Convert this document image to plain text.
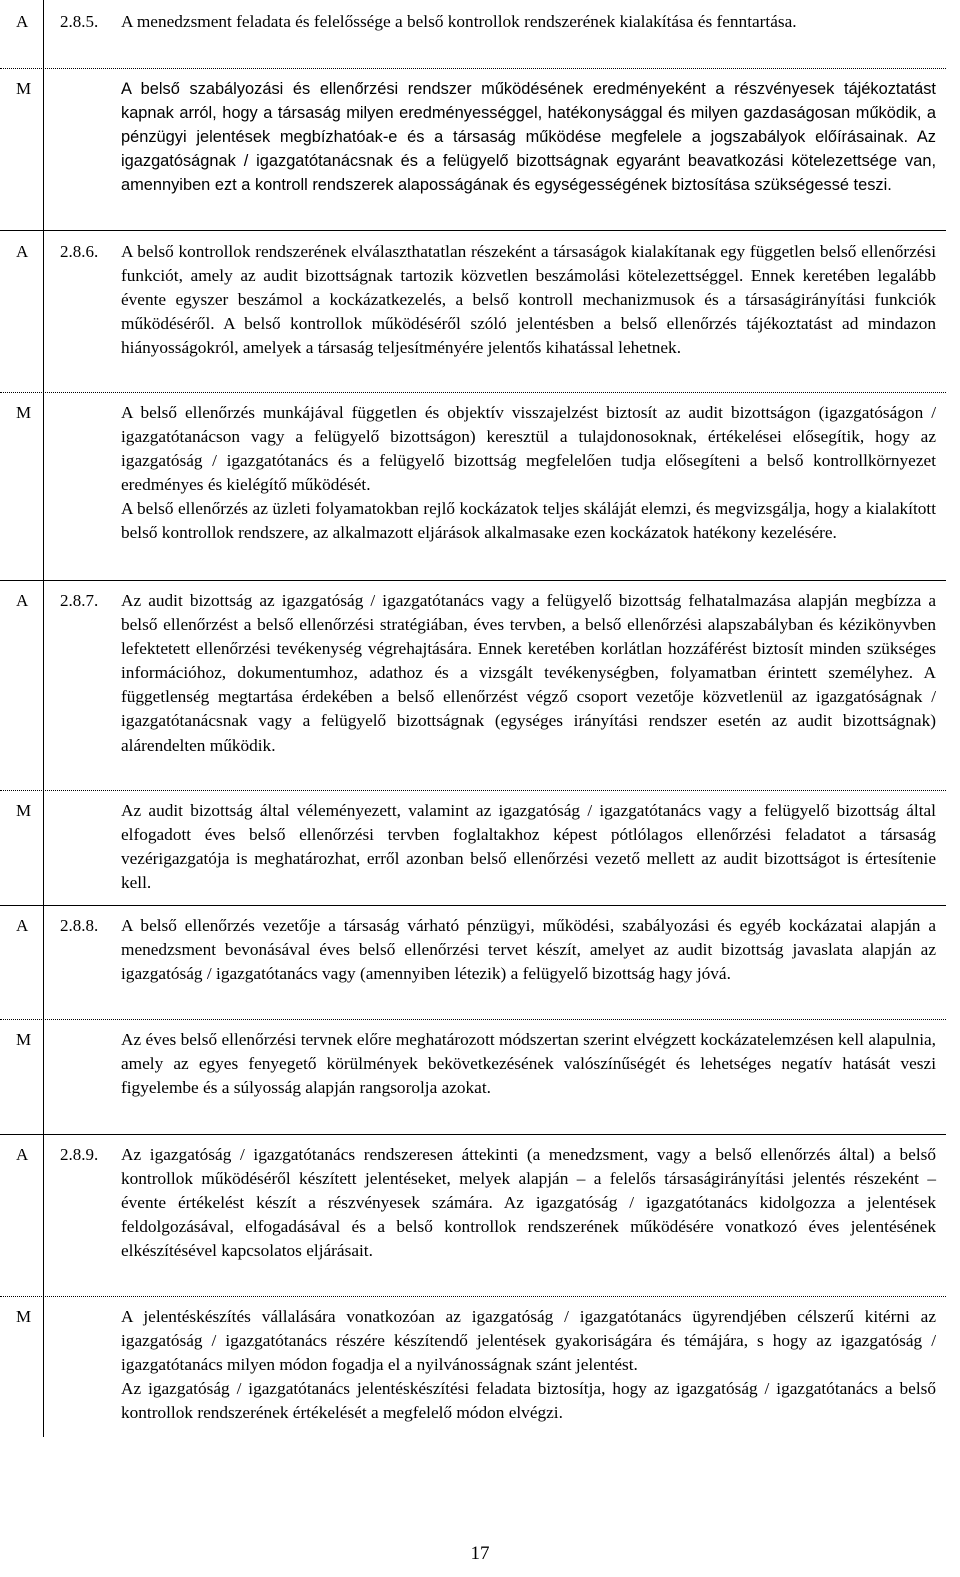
A 2.8.5. A menedzsment feladata és felelőssége a belső kontrollok rendszerének kialakítása és fenntartása.

M	A belső szabályozási és ellenőrzési rendszer működésének eredményeként a részvényesek tájékoztatást kapnak arról, hogy a társaság milyen eredményességgel, hatékonysággal és milyen gazdaságosan működik, a pénzügyi jelentések megbízhatóak-e és a társaság működése megfelele a jogszabályok előírásainak. Az igazgatóságnak / igazgatótanácsnak és a felügyelő bizottságnak egyaránt beavatkozási kötelezettsége van, amennyiben ezt a kontroll rendszerek alaposságának és egységességének biztosítása szükségessé teszi.

A 2.8.6. A belső kontrollok rendszerének elválaszthatatlan részeként a társaságok kialakítanak egy független belső ellenőrzési funkciót, amely az audit bizottságnak tartozik közvetlen beszámolási kötelezettséggel. Ennek keretében legalább évente egyszer beszámol a kockázatkezelés, a belső kontroll mechanizmusok és a társaságirányítási funkciók működéséről. A belső kontrollok működéséről szóló jelentésben a belső ellenőrzés tájékoztatást ad mindazon hiányosságokról, amelyek a társaság teljesítményére jelentős kihatással lehetnek.

M	A belső ellenőrzés munkájával független és objektív visszajelzést biztosít az audit bizottságon (igazgatóságon / igazgatótanácson vagy a felügyelő bizottságon) keresztül a tulajdonosoknak, értékelései elősegítik, hogy az igazgatóság / igazgatótanács és a felügyelő bizottság megfelelően tudja elősegíteni a belső kontrollkörnyezet eredményes és kielégítő működését.

A belső ellenőrzés az üzleti folyamatokban rejlő kockázatok teljes skáláját elemzi, és megvizsgálja, hogy a kialakított belső kontrollok rendszere, az alkalmazott eljárások alkalmasake ezen kockázatok hatékony kezelésére.

A 2.8.7. Az audit bizottság az igazgatóság / igazgatótanács vagy a felügyelő bizottság felhatalmazása alapján megbízza a belső ellenőrzést a belső ellenőrzési stratégiában, éves tervben, a belső ellenőrzési alapszabályban és kézikönyvben lefektetett ellenőrzési tevékenység végrehajtására. Ennek keretében korlátlan hozzáférést biztosít minden szükséges információhoz, dokumentumhoz, adathoz és a vizsgált tevékenységben, folyamatban érintett személyhez. A függetlenség megtartása érdekében a belső ellenőrzést végző csoport vezetője közvetlenül az igazgatóságnak / igazgatótanácsnak vagy a felügyelő bizottságnak (egységes irányítási rendszer esetén az audit bizottságnak) alárendelten működik.

M	Az audit bizottság által véleményezett, valamint az igazgatóság / igazgatótanács vagy a felügyelő bizottság által elfogadott éves belső ellenőrzési tervben foglaltakhoz képest pótlólagos ellenőrzési feladatot a társaság vezérigazgatója is meghatározhat, erről azonban belső ellenőrzési vezető mellett az audit bizottságot is értesítenie kell.

A 2.8.8. A belső ellenőrzés vezetője a társaság várható pénzügyi, működési, szabályozási és egyéb kockázatai alapján a menedzsment bevonásával éves belső ellenőrzési tervet készít, amelyet az audit bizottság javaslata alapján az igazgatóság / igazgatótanács vagy (amennyiben létezik) a felügyelő bizottság hagy jóvá.

M	Az éves belső ellenőrzési tervnek előre meghatározott módszertan szerint elvégzett kockázatelemzésen kell alapulnia, amely az egyes fenyegető körülmények bekövetkezésének valószínűségét és lehetséges negatív hatását veszi figyelembe és a súlyosság alapján rangsorolja azokat.

A 2.8.9. Az igazgatóság / igazgatótanács rendszeresen áttekinti (a menedzsment, vagy a belső ellenőrzés által) a belső kontrollok működéséről készített jelentéseket, melyek alapján – a felelős társaságirányítási jelentés részeként – évente értékelést készít a részvényesek számára. Az igazgatóság / igazgatótanács kidolgozza a jelentések feldolgozásával, elfogadásával és a belső kontrollok rendszerének működésére vonatkozó éves jelentésének elkészítésével kapcsolatos eljárásait.

M	A jelentéskészítés vállalására vonatkozóan az igazgatóság / igazgatótanács ügyrendjében célszerű kitérni az igazgatóság / igazgatótanács részére készítendő jelentések gyakoriságára és témájára, s hogy az igazgatóság / igazgatótanács milyen módon fogadja el a nyilvánosságnak szánt jelentést.

Az igazgatóság / igazgatótanács jelentéskészítési feladata biztosítja, hogy az igazgatóság / igazgatótanács a belső kontrollok rendszerének értékelését a megfelelő módon elvégzi.

17
